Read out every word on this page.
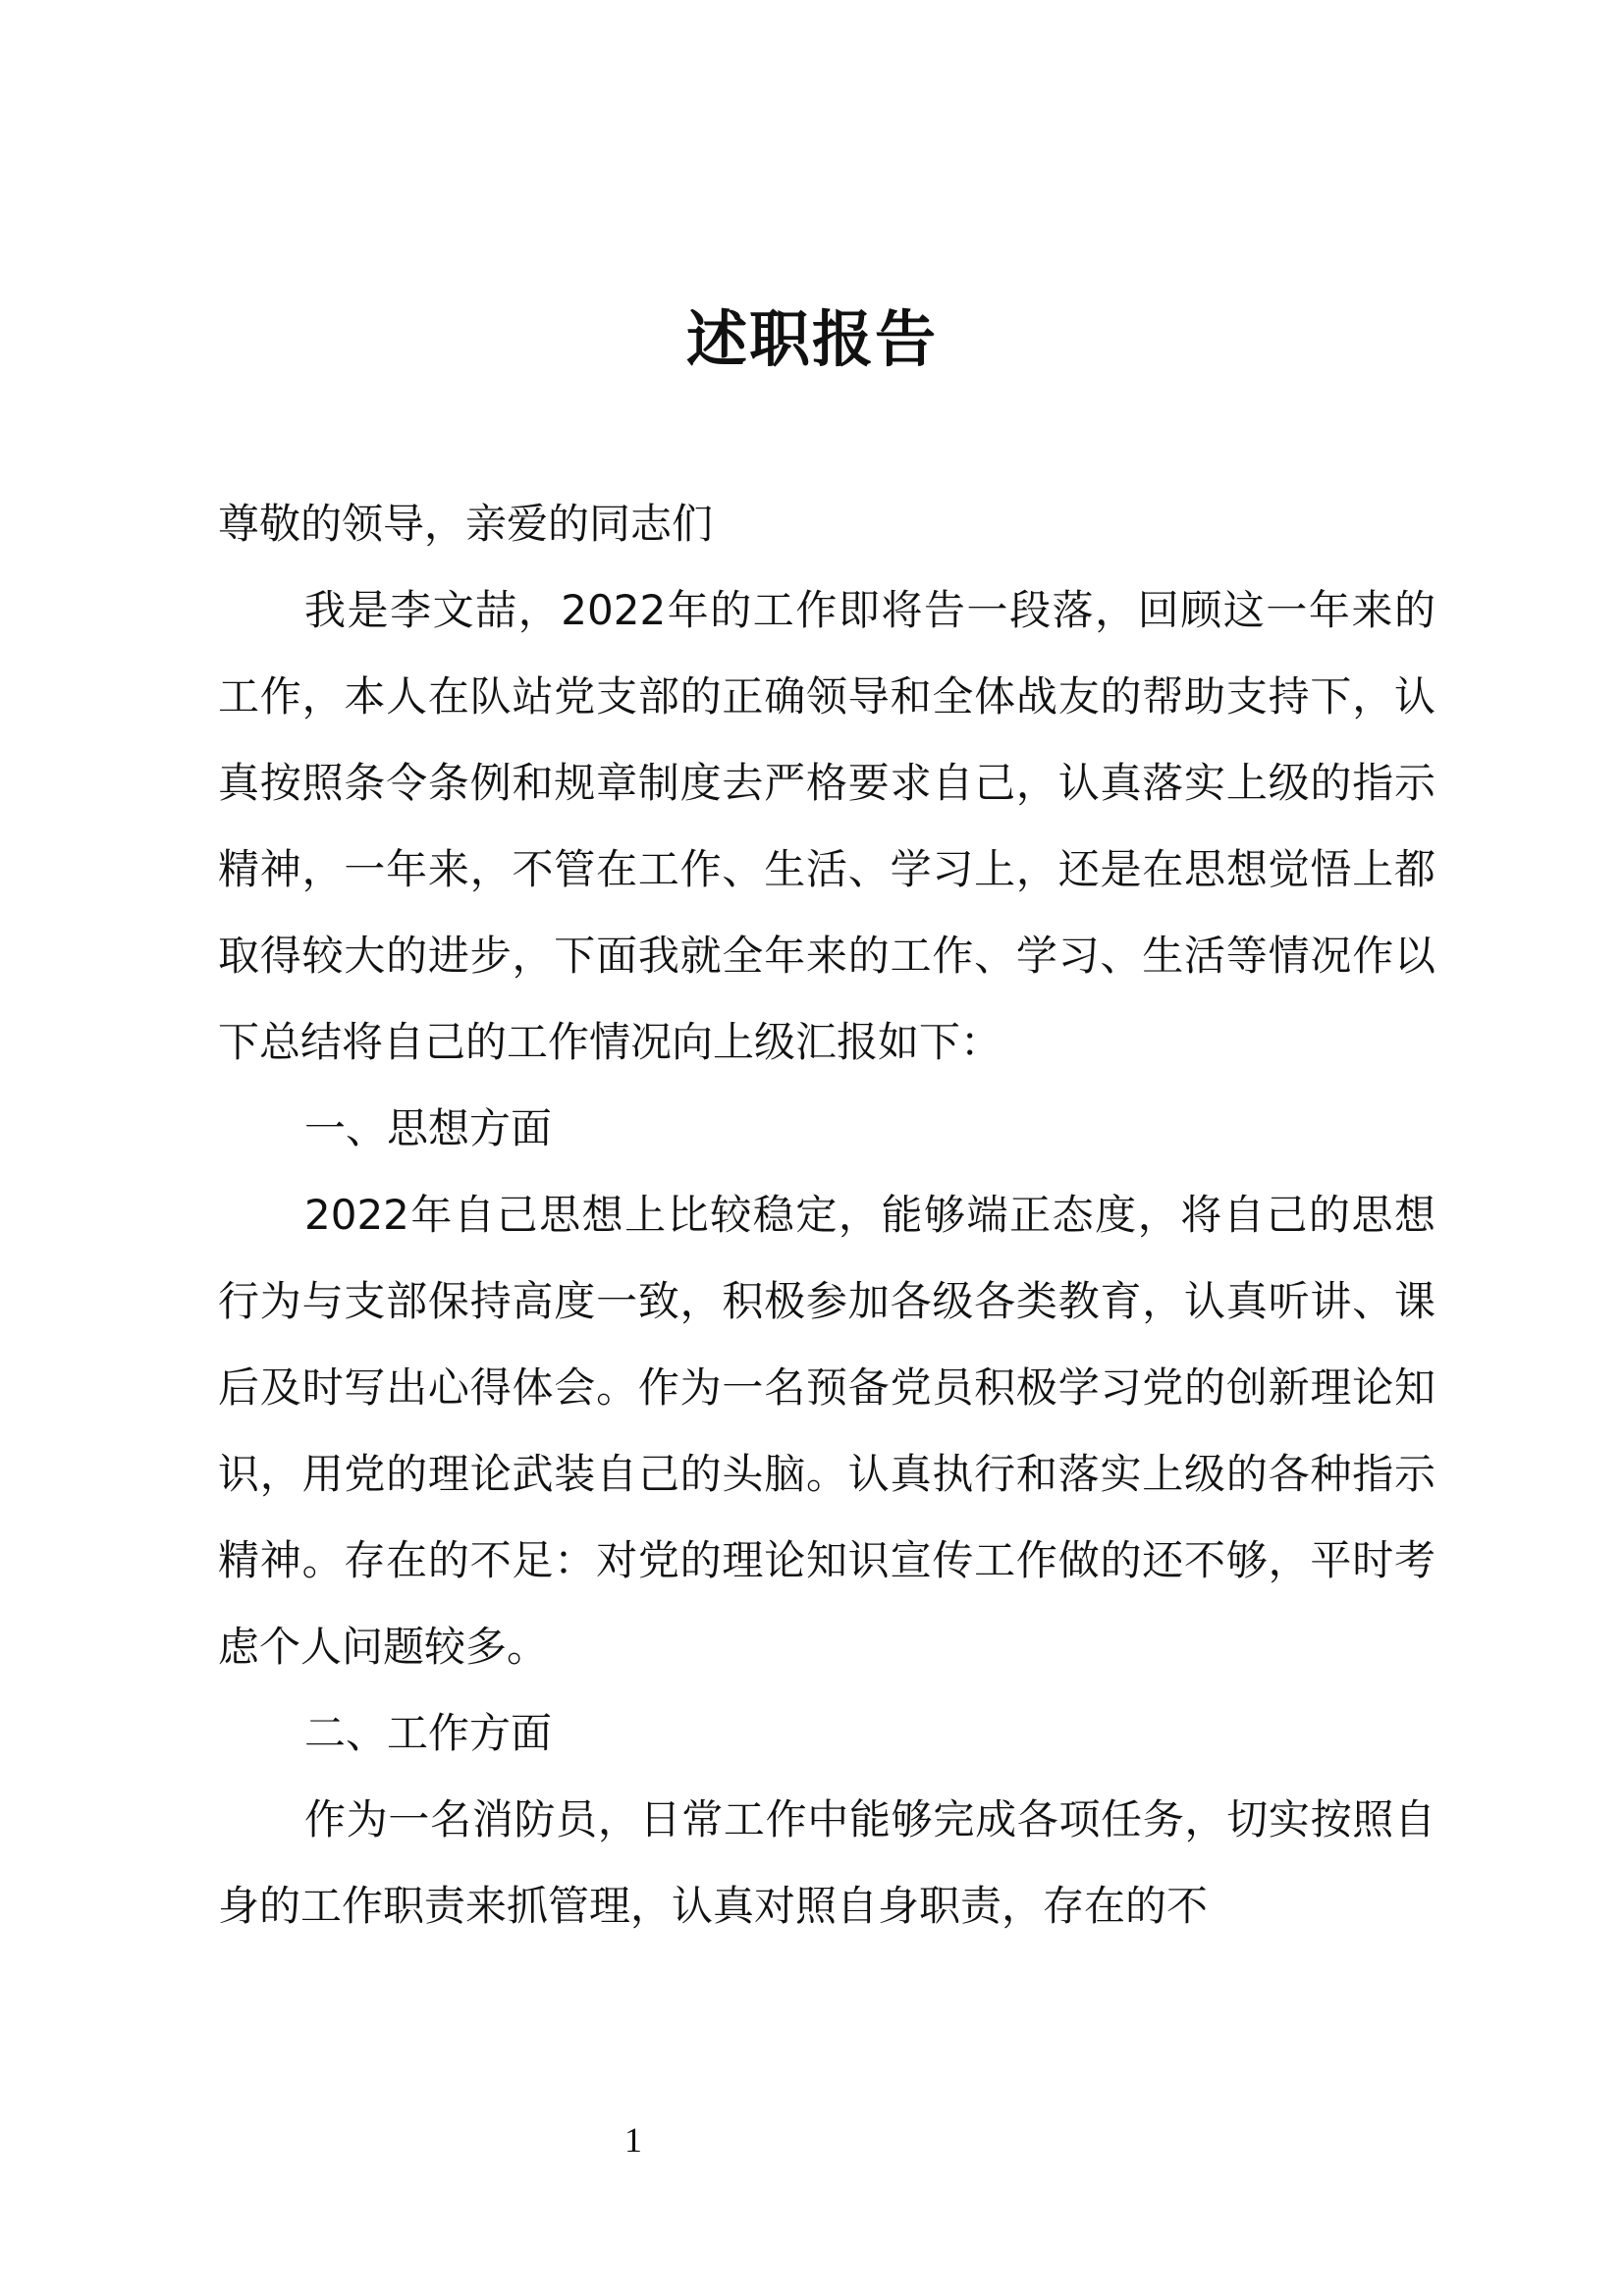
述职报告

尊敬的领导，亲爱的同志们

我是李文喆，2022年的工作即将告一段落，回顾这一年来的工作，本人在队站党支部的正确领导和全体战友的帮助支持下，认真按照条令条例和规章制度去严格要求自己，认真落实上级的指示精神，一年来，不管在工作、生活、学习上，还是在思想觉悟上都取得较大的进步，下面我就全年来的工作、学习、生活等情况作以下总结将自己的工作情况向上级汇报如下：

一、思想方面

2022年自己思想上比较稳定，能够端正态度，将自己的思想行为与支部保持高度一致，积极参加各级各类教育，认真听讲、课后及时写出心得体会。作为一名预备党员积极学习党的创新理论知识，用党的理论武装自己的头脑。认真执行和落实上级的各种指示精神。存在的不足：对党的理论知识宣传工作做的还不够，平时考虑个人问题较多。

二、工作方面

作为一名消防员，日常工作中能够完成各项任务，切实按照自身的工作职责来抓管理，认真对照自身职责，存在的不

1
